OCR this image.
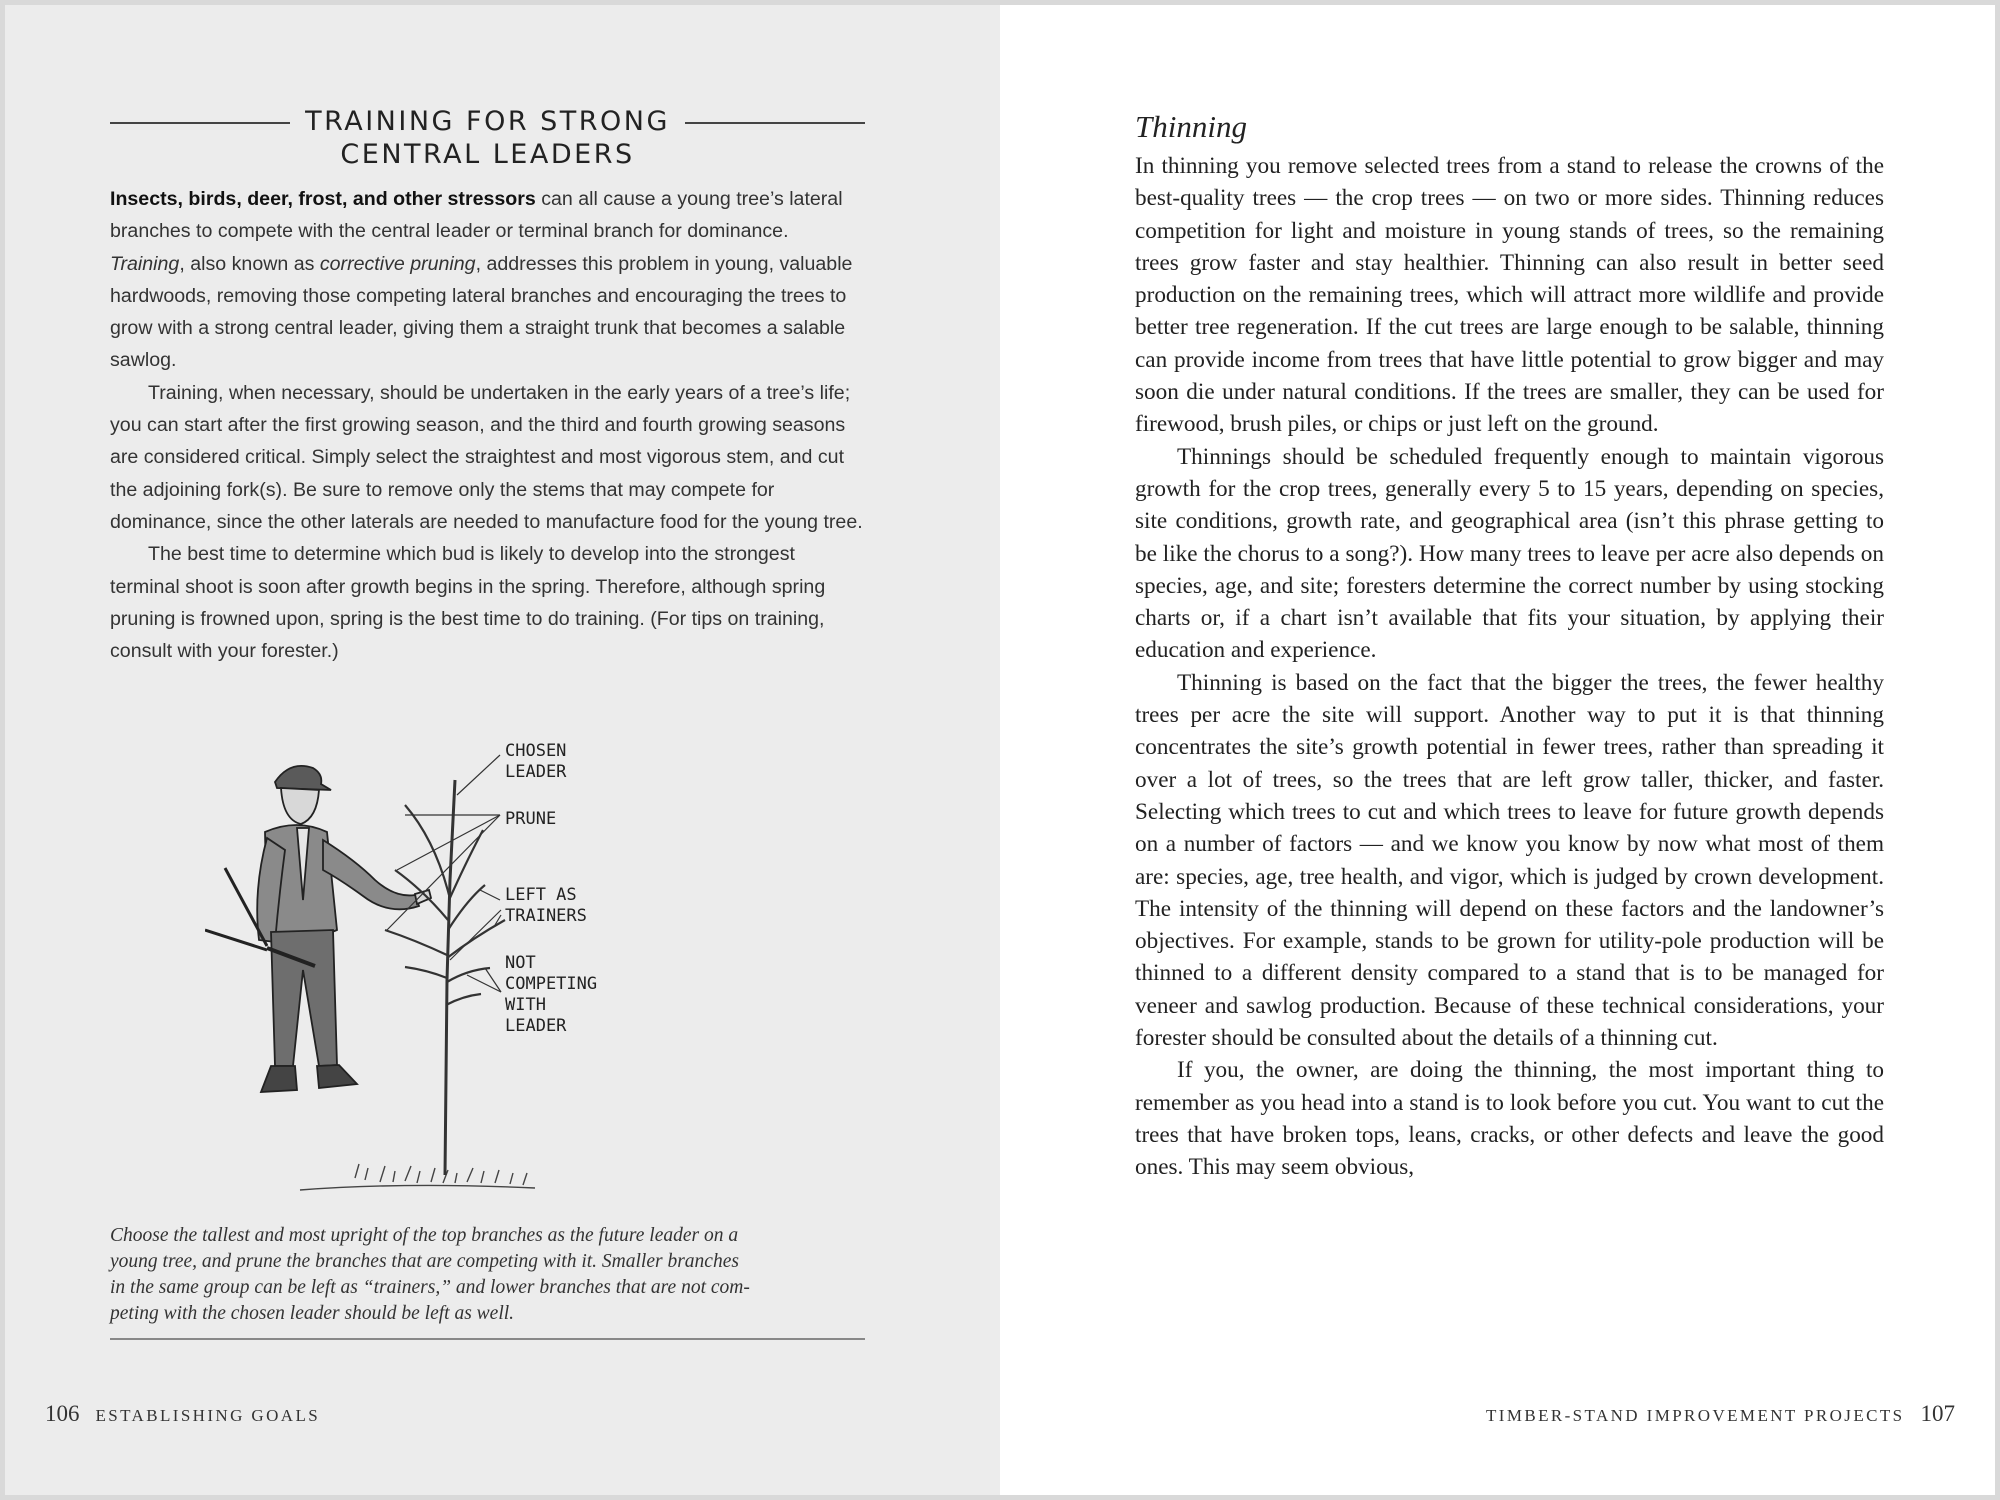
TRAINING FOR STRONG
CENTRAL LEADERS

Insects, birds, deer, frost, and other stressors can all cause a young tree’s lateral branches to compete with the central leader or terminal branch for dominance. Training, also known as corrective pruning, addresses this problem in young, valuable hardwoods, removing those competing lateral branches and encouraging the trees to grow with a strong central leader, giving them a straight trunk that becomes a salable sawlog.

Training, when necessary, should be undertaken in the early years of a tree’s life; you can start after the first growing season, and the third and fourth growing seasons are considered critical. Simply select the straightest and most vigorous stem, and cut the adjoining fork(s). Be sure to remove only the stems that may compete for dominance, since the other laterals are needed to manufacture food for the young tree.

The best time to determine which bud is likely to develop into the strongest terminal shoot is soon after growth begins in the spring. Therefore, although spring pruning is frowned upon, spring is the best time to do training. (For tips on training, consult with your forester.)

CHOSEN
LEADER
PRUNE
LEFT AS
TRAINERS
NOT
COMPETING
WITH
LEADER
Choose the tallest and most upright of the top branches as the future leader on a
young tree, and prune the branches that are competing with it. Smaller branches
in the same group can be left as “trainers,” and lower branches that are not com-
peting with the chosen leader should be left as well.
106 ESTABLISHING GOALS
Thinning

In thinning you remove selected trees from a stand to release the crowns of the best-quality trees — the crop trees — on two or more sides. Thinning reduces competition for light and moisture in young stands of trees, so the remaining trees grow faster and stay healthier. Thinning can also result in better seed production on the remaining trees, which will attract more wildlife and provide better tree regeneration. If the cut trees are large enough to be salable, thinning can provide income from trees that have little potential to grow bigger and may soon die under natural conditions. If the trees are smaller, they can be used for firewood, brush piles, or chips or just left on the ground.

Thinnings should be scheduled frequently enough to maintain vigorous growth for the crop trees, generally every 5 to 15 years, depending on species, site conditions, growth rate, and geographical area (isn’t this phrase getting to be like the chorus to a song?). How many trees to leave per acre also depends on species, age, and site; foresters determine the correct number by using stocking charts or, if a chart isn’t available that fits your situation, by applying their education and experience.

Thinning is based on the fact that the bigger the trees, the fewer healthy trees per acre the site will support. Another way to put it is that thinning concentrates the site’s growth potential in fewer trees, rather than spreading it over a lot of trees, so the trees that are left grow taller, thicker, and faster. Selecting which trees to cut and which trees to leave for future growth depends on a number of factors — and we know you know by now what most of them are: species, age, tree health, and vigor, which is judged by crown development. The intensity of the thinning will depend on these factors and the landowner’s objectives. For example, stands to be grown for utility-pole production will be thinned to a different density compared to a stand that is to be managed for veneer and sawlog production. Because of these technical considerations, your forester should be consulted about the details of a thinning cut.

If you, the owner, are doing the thinning, the most important thing to remember as you head into a stand is to look before you cut. You want to cut the trees that have broken tops, leans, cracks, or other defects and leave the good ones. This may seem obvious,

TIMBER-STAND IMPROVEMENT PROJECTS 107
